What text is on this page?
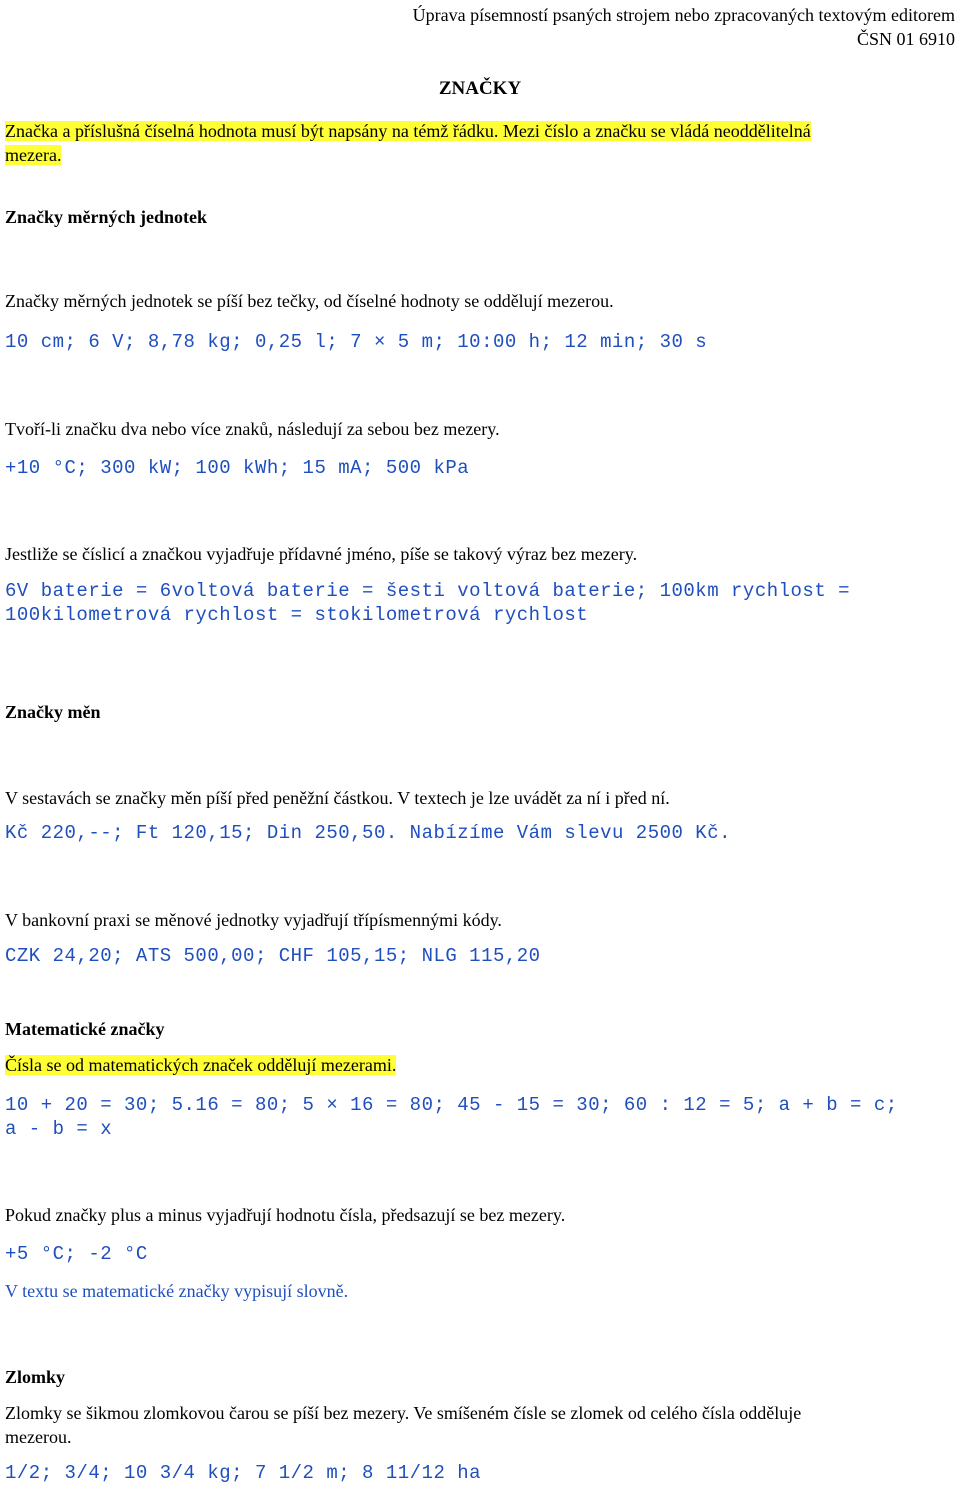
Úprava písemností psaných strojem nebo zpracovaných textovým editorem
ČSN 01 6910
ZNAČKY
Značka a příslušná číselná hodnota musí být napsány na témž řádku. Mezi číslo a značku se vládá neoddělitelná
mezera.
Značky měrných jednotek
Značky měrných jednotek se píší bez tečky, od číselné hodnoty se oddělují mezerou.
10 cm; 6 V; 8,78 kg; 0,25 l; 7 × 5 m; 10:00 h; 12 min; 30 s
Tvoří-li značku dva nebo více znaků, následují za sebou bez mezery.
+10 °C; 300 kW; 100 kWh; 15 mA; 500 kPa
Jestliže se číslicí a značkou vyjadřuje přídavné jméno, píše se takový výraz bez mezery.
6V baterie = 6voltová baterie = šesti voltová baterie; 100km rychlost =
100kilometrová rychlost = stokilometrová rychlost
Značky měn
V sestavách se značky měn píší před peněžní částkou. V textech je lze uvádět za ní i před ní.
Kč 220,--; Ft 120,15; Din 250,50. Nabízíme Vám slevu 2500 Kč.
V bankovní praxi se měnové jednotky vyjadřují třípísmennými kódy.
CZK 24,20; ATS 500,00; CHF 105,15; NLG 115,20
Matematické značky
Čísla se od matematických značek oddělují mezerami.
10 + 20 = 30; 5.16 = 80; 5 × 16 = 80; 45 - 15 = 30; 60 : 12 = 5; a + b = c;
a - b = x
Pokud značky plus a minus vyjadřují hodnotu čísla, předsazují se bez mezery.
+5 °C; -2 °C
V textu se matematické značky vypisují slovně.
Zlomky
Zlomky se šikmou zlomkovou čarou se píší bez mezery. Ve smíšeném čísle se zlomek od celého čísla odděluje
mezerou.
1/2; 3/4; 10 3/4 kg; 7 1/2 m; 8 11/12 ha
